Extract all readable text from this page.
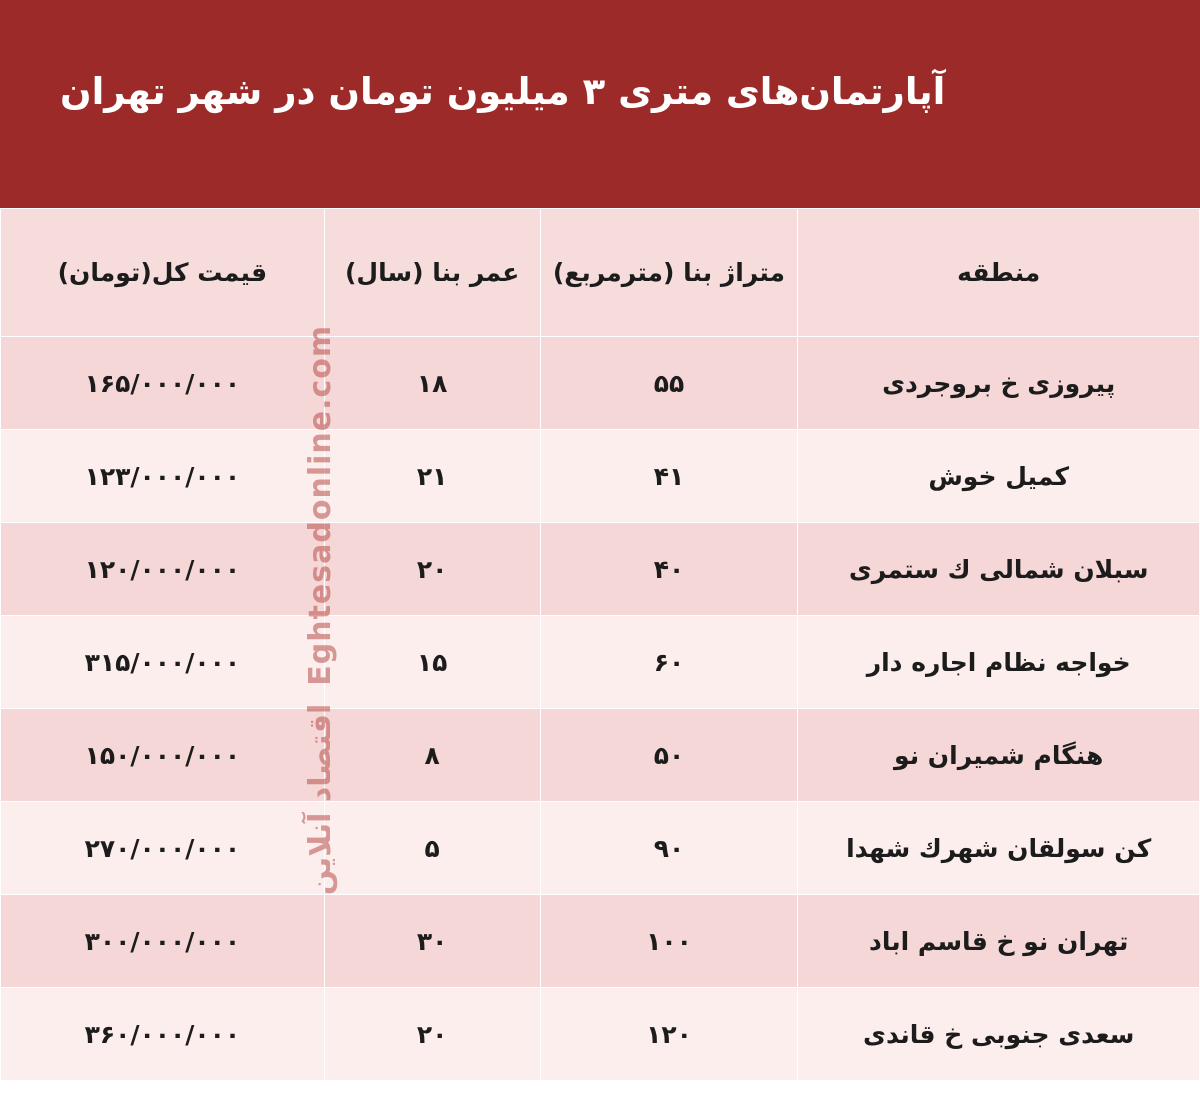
آپارتمان‌های متری ۳ میلیون تومان در شهر تهران
منطقه	متراژ بنا (مترمربع)	عمر بنا (سال)	قیمت کل(تومان)
پیروزی خ بروجردی	۵۵	۱۸	۱۶۵/۰۰۰/۰۰۰
کمیل خوش	۴۱	۲۱	۱۲۳/۰۰۰/۰۰۰
سبلان شمالی ك ستمری	۴۰	۲۰	۱۲۰/۰۰۰/۰۰۰
خواجه نظام اجاره دار	۶۰	۱۵	۳۱۵/۰۰۰/۰۰۰
هنگام شمیران نو	۵۰	۸	۱۵۰/۰۰۰/۰۰۰
کن سولقان شهرك شهدا	۹۰	۵	۲۷۰/۰۰۰/۰۰۰
تهران نو خ قاسم اباد	۱۰۰	۳۰	۳۰۰/۰۰۰/۰۰۰
سعدی جنوبی خ قاندی	۱۲۰	۲۰	۳۶۰/۰۰۰/۰۰۰
Eghtesadonline.com
اقتصاد آنلاین
